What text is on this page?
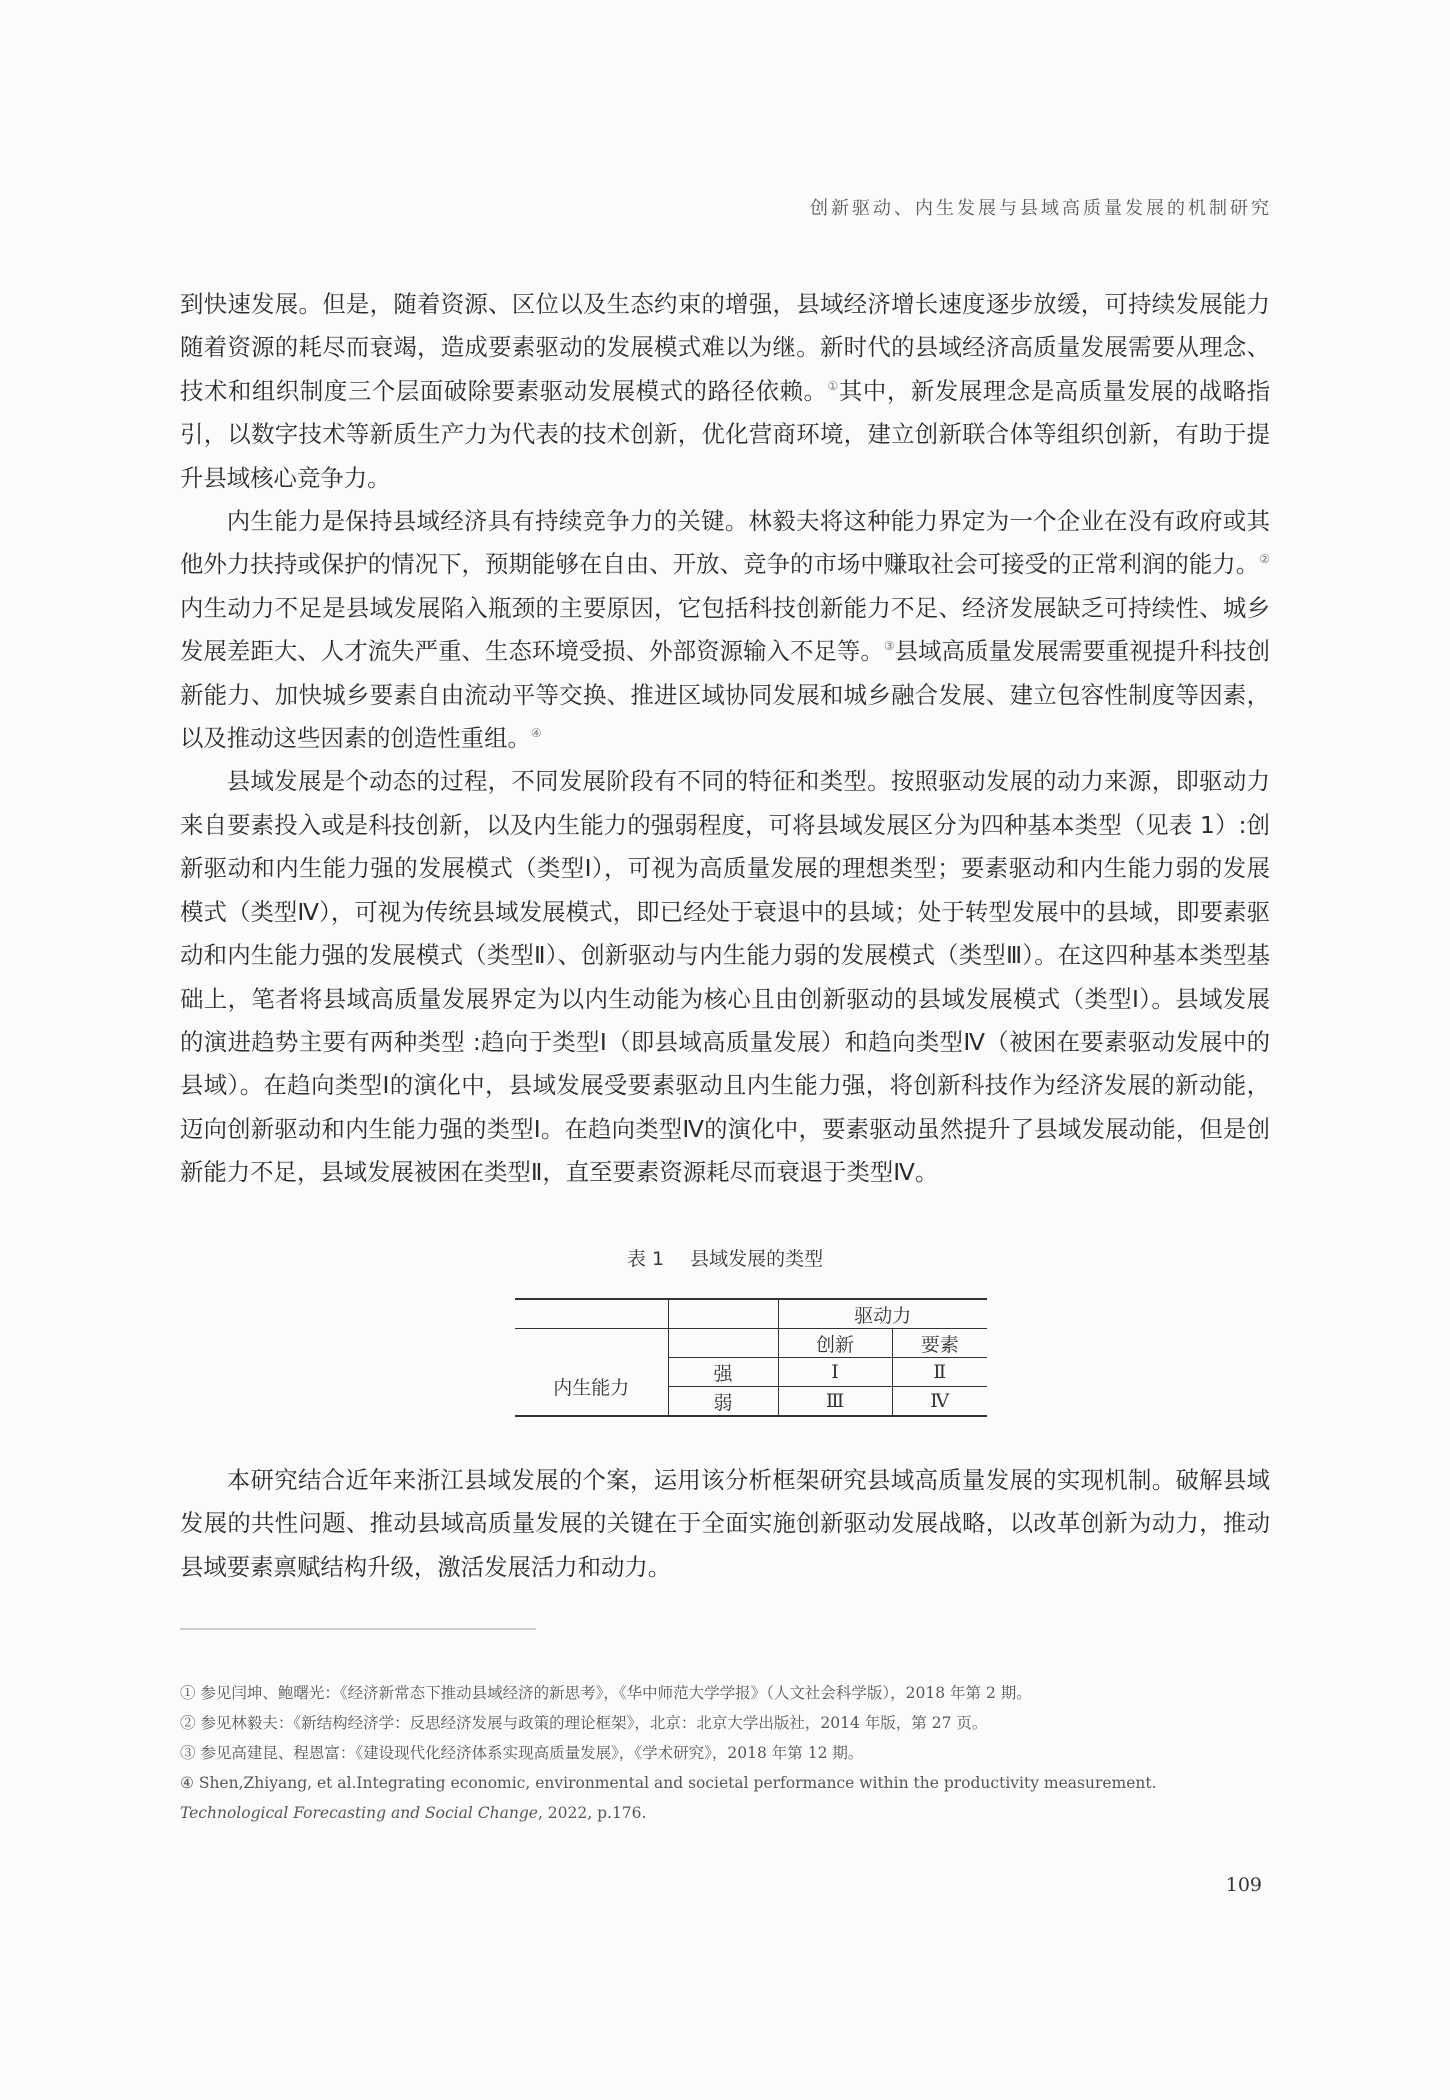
创新驱动、内生发展与县域高质量发展的机制研究

到快速发展。但是，随着资源、区位以及生态约束的增强，县域经济增长速度逐步放缓，可持续发展能力随着资源的耗尽而衰竭，造成要素驱动的发展模式难以为继。新时代的县域经济高质量发展需要从理念、技术和组织制度三个层面破除要素驱动发展模式的路径依赖。①其中，新发展理念是高质量发展的战略指引，以数字技术等新质生产力为代表的技术创新，优化营商环境，建立创新联合体等组织创新，有助于提升县域核心竞争力。

内生能力是保持县域经济具有持续竞争力的关键。林毅夫将这种能力界定为一个企业在没有政府或其他外力扶持或保护的情况下，预期能够在自由、开放、竞争的市场中赚取社会可接受的正常利润的能力。②内生动力不足是县域发展陷入瓶颈的主要原因，它包括科技创新能力不足、经济发展缺乏可持续性、城乡发展差距大、人才流失严重、生态环境受损、外部资源输入不足等。③县域高质量发展需要重视提升科技创新能力、加快城乡要素自由流动平等交换、推进区域协同发展和城乡融合发展、建立包容性制度等因素，以及推动这些因素的创造性重组。④

县域发展是个动态的过程，不同发展阶段有不同的特征和类型。按照驱动发展的动力来源，即驱动力来自要素投入或是科技创新，以及内生能力的强弱程度，可将县域发展区分为四种基本类型（见表 1）:创新驱动和内生能力强的发展模式（类型Ⅰ），可视为高质量发展的理想类型；要素驱动和内生能力弱的发展模式（类型Ⅳ），可视为传统县域发展模式，即已经处于衰退中的县域；处于转型发展中的县域，即要素驱动和内生能力强的发展模式（类型Ⅱ）、创新驱动与内生能力弱的发展模式（类型Ⅲ）。在这四种基本类型基础上，笔者将县域高质量发展界定为以内生动能为核心且由创新驱动的县域发展模式（类型Ⅰ）。县域发展的演进趋势主要有两种类型 :趋向于类型Ⅰ（即县域高质量发展）和趋向类型Ⅳ（被困在要素驱动发展中的县域）。在趋向类型Ⅰ的演化中，县域发展受要素驱动且内生能力强，将创新科技作为经济发展的新动能，迈向创新驱动和内生能力强的类型Ⅰ。在趋向类型Ⅳ的演化中，要素驱动虽然提升了县域发展动能，但是创新能力不足，县域发展被困在类型Ⅱ，直至要素资源耗尽而衰退于类型Ⅳ。

表 1 县域发展的类型
		驱动力	
		创新	要素
内生能力	强	Ⅰ	Ⅱ
	弱	Ⅲ	Ⅳ

本研究结合近年来浙江县域发展的个案，运用该分析框架研究县域高质量发展的实现机制。破解县域发展的共性问题、推动县域高质量发展的关键在于全面实施创新驱动发展战略，以改革创新为动力，推动县域要素禀赋结构升级，激活发展活力和动力。

① 参见闫坤、鲍曙光：《经济新常态下推动县域经济的新思考》，《华中师范大学学报》（人文社会科学版），2018 年第 2 期。
② 参见林毅夫：《新结构经济学：反思经济发展与政策的理论框架》，北京：北京大学出版社，2014 年版，第 27 页。
③ 参见高建昆、程恩富：《建设现代化经济体系实现高质量发展》，《学术研究》，2018 年第 12 期。
④ Shen,Zhiyang, et al.Integrating economic, environmental and societal performance within the productivity measurement.
Technological Forecasting and Social Change, 2022, p.176.
109
